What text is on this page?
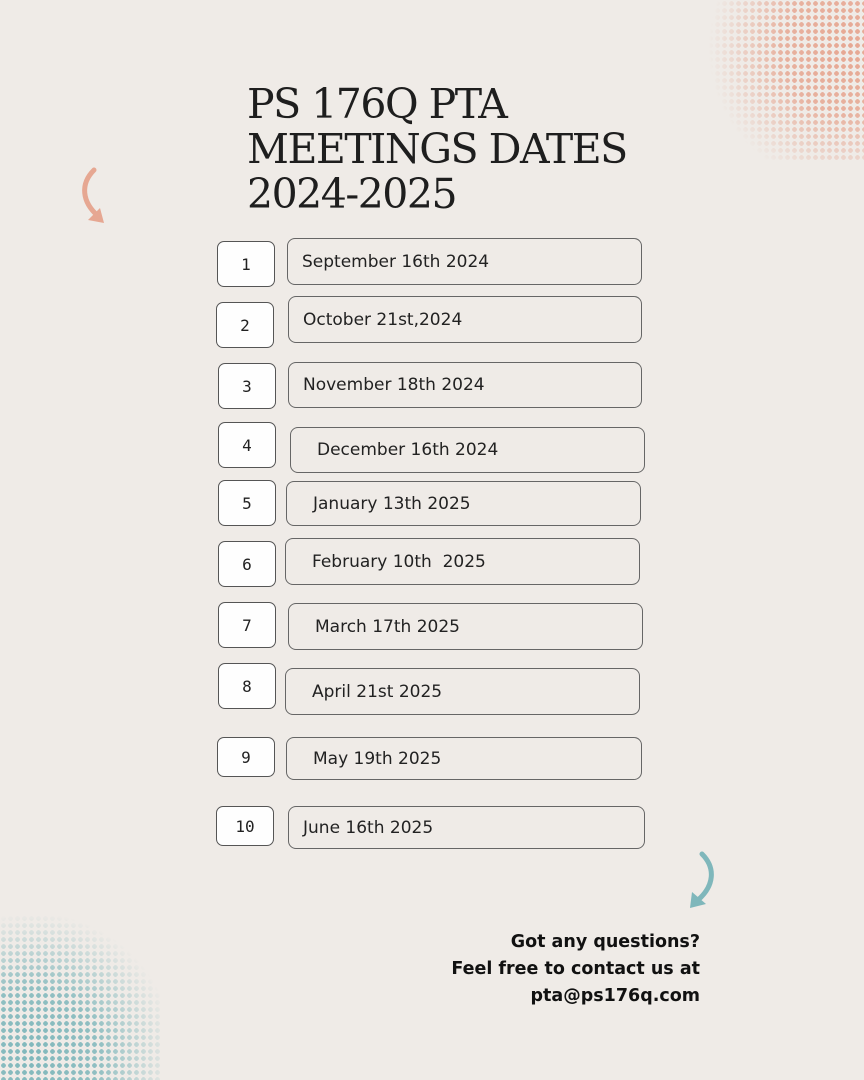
PS 176Q PTA
MEETINGS DATES
2024-2025
1	September 16th 2024
2	October 21st,2024
3	November 18th 2024
4	December 16th 2024
5	January 13th 2025
6	February 10th  2025
7	March 17th 2025
8	April 21st 2025
9	May 19th 2025
10	June 16th 2025
Got any questions?
Feel free to contact us at
pta@ps176q.com
